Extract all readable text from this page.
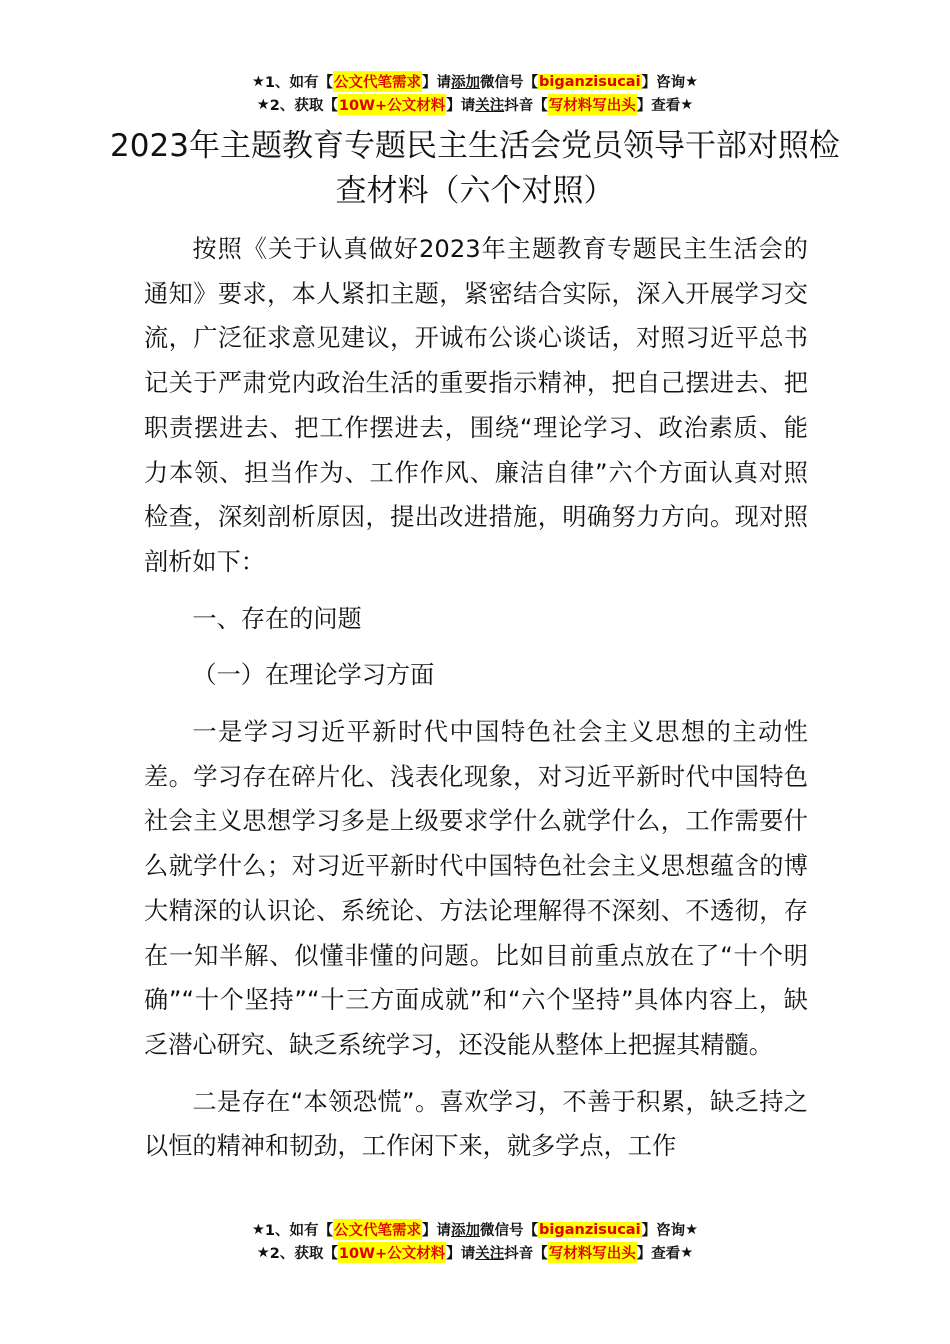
★ 1、如有【 公文代笔需求 】请 添加 微信号【 biganzisucai 】咨询 ★
★ 2、获取【 10W+公文材料 】请 关注 抖音【 写材料写出头 】查看 ★
2023年主题教育专题民主生活会党员领导干部对照检查材料（六个对照）

按照《关于认真做好2023年主题教育专题民主生活会的通知》要求，本人紧扣主题，紧密结合实际，深入开展学习交流，广泛征求意见建议，开诚布公谈心谈话，对照习近平总书记关于严肃党内政治生活的重要指示精神，把自己摆进去、把职责摆进去、把工作摆进去，围绕“理论学习、政治素质、能力本领、担当作为、工作作风、廉洁自律”六个方面认真对照检查，深刻剖析原因，提出改进措施，明确努力方向。现对照剖析如下：

一、存在的问题

（一）在理论学习方面

一是学习习近平新时代中国特色社会主义思想的主动性差。学习存在碎片化、浅表化现象，对习近平新时代中国特色社会主义思想学习多是上级要求学什么就学什么，工作需要什么就学什么；对习近平新时代中国特色社会主义思想蕴含的博大精深的认识论、系统论、方法论理解得不深刻、不透彻，存在一知半解、似懂非懂的问题。比如目前重点放在了“十个明确”“十个坚持”“十三方面成就”和“六个坚持”具体内容上，缺乏潜心研究、缺乏系统学习，还没能从整体上把握其精髓。

二是存在“本领恐慌”。喜欢学习，不善于积累，缺乏持之以恒的精神和韧劲，工作闲下来，就多学点，工作

★ 1、如有【 公文代笔需求 】请 添加 微信号【 biganzisucai 】咨询 ★
★ 2、获取【 10W+公文材料 】请 关注 抖音【 写材料写出头 】查看 ★
